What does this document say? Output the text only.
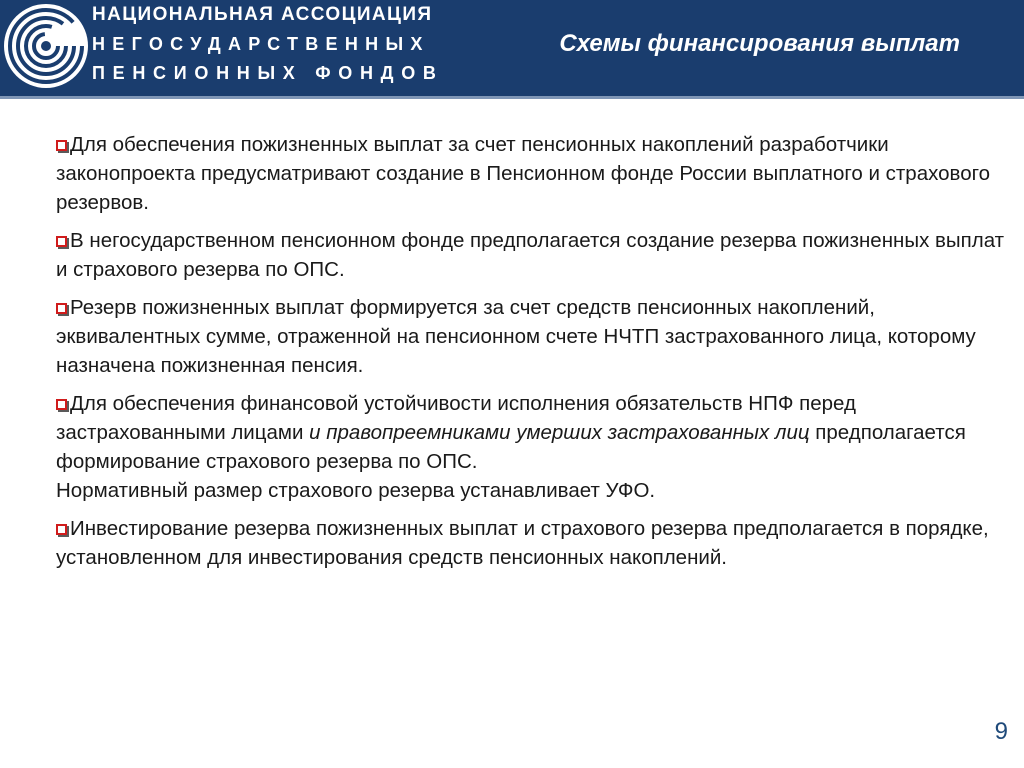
НАЦИОНАЛЬНАЯ АССОЦИАЦИЯ
НЕГОСУДАРСТВЕННЫХ
ПЕНСИОННЫХ ФОНДОВ
Схемы финансирования выплат
Для обеспечения пожизненных выплат за счет пенсионных накоплений разработчики законопроекта предусматривают создание в Пенсионном фонде России выплатного и страхового резервов.
В негосударственном пенсионном фонде предполагается создание резерва пожизненных выплат и страхового резерва по ОПС.
Резерв пожизненных выплат формируется за счет средств пенсионных накоплений, эквивалентных сумме, отраженной на пенсионном счете НЧТП застрахованного лица, которому назначена пожизненная пенсия.
Для обеспечения финансовой устойчивости исполнения обязательств НПФ перед застрахованными лицами и правопреемниками умерших застрахованных лиц предполагается формирование страхового резерва по ОПС.
Нормативный размер страхового резерва устанавливает УФО.
Инвестирование резерва пожизненных выплат и страхового резерва предполагается в порядке, установленном для инвестирования средств пенсионных накоплений.
9
